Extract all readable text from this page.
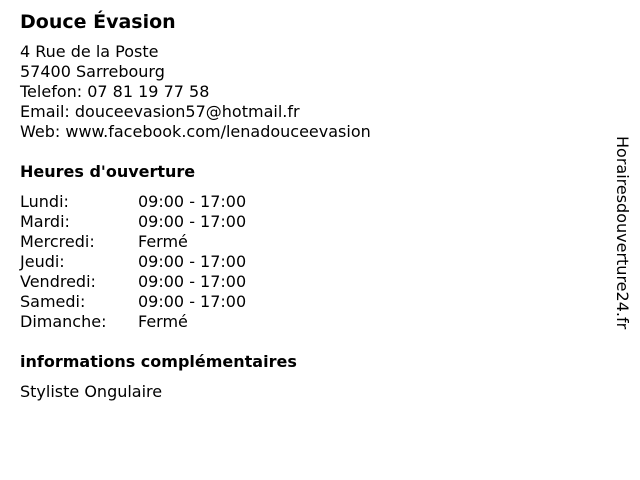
Douce Évasion
4 Rue de la Poste
57400 Sarrebourg
Telefon: 07 81 19 77 58
Email: douceevasion57@hotmail.fr
Web: www.facebook.com/lenadouceevasion
Heures d'ouverture
Lundi:	09:00 - 17:00
Mardi:	09:00 - 17:00
Mercredi:	Fermé
Jeudi:	09:00 - 17:00
Vendredi:	09:00 - 17:00
Samedi:	09:00 - 17:00
Dimanche: Fermé
informations complémentaires
Styliste Ongulaire
Horairesdouverture24.fr
